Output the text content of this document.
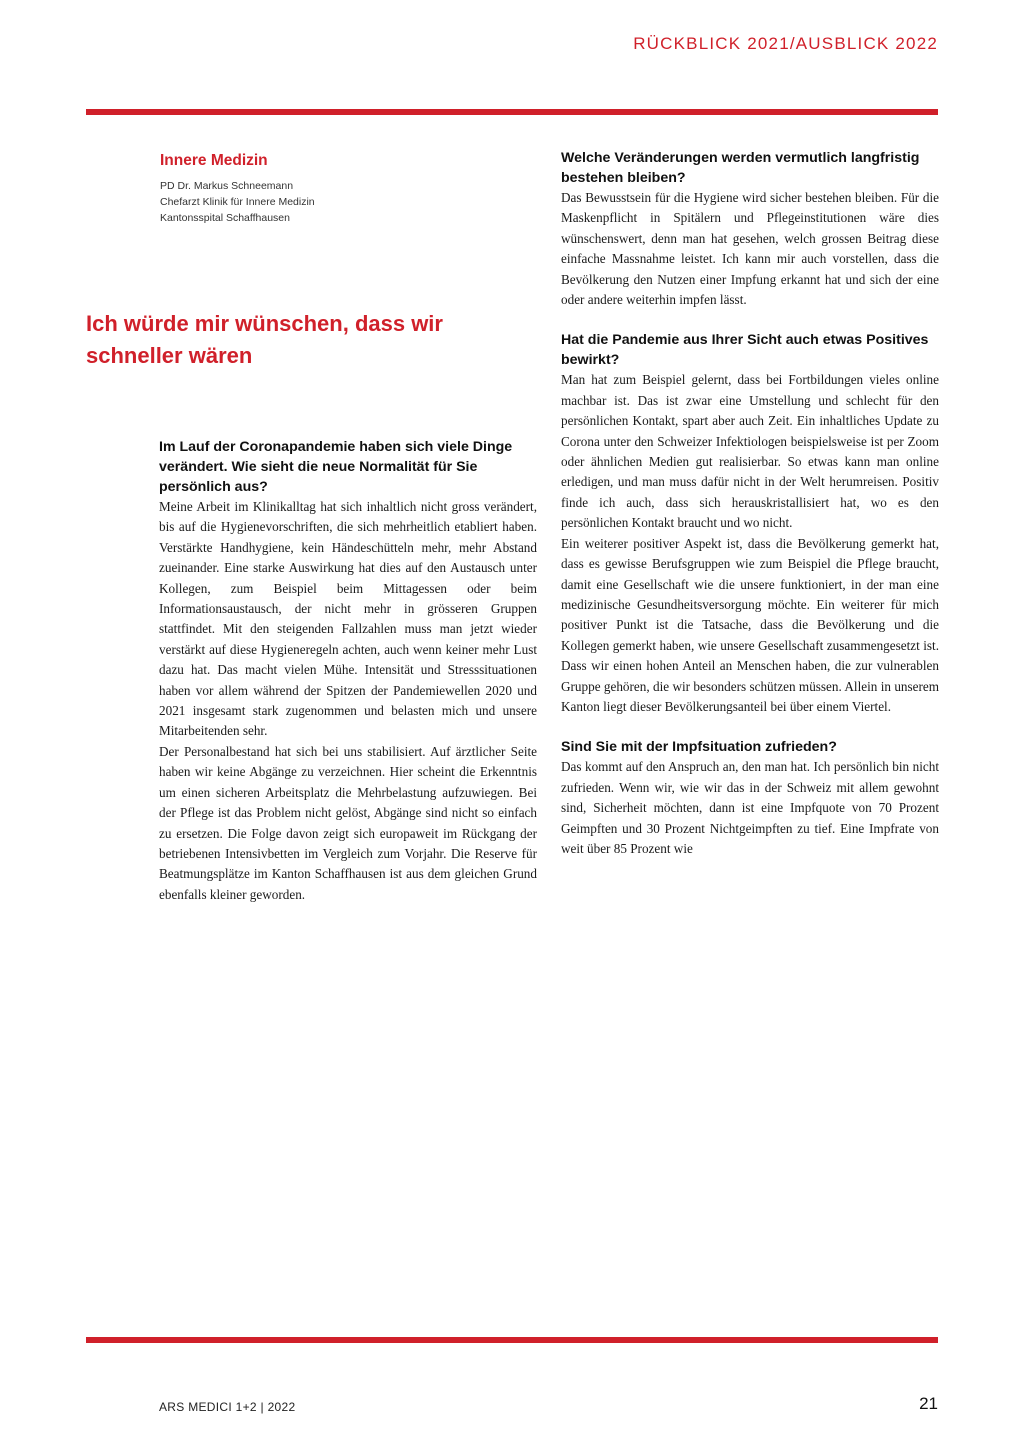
RÜCKBLICK 2021/AUSBLICK 2022
Innere Medizin
PD Dr. Markus Schneemann
Chefarzt Klinik für Innere Medizin
Kantonsspital Schaffhausen
Ich würde mir wünschen, dass wir
schneller wären
Im Lauf der Coronapandemie haben sich viele Dinge verändert. Wie sieht die neue Normalität für Sie persönlich aus?

Meine Arbeit im Klinikalltag hat sich inhaltlich nicht gross verändert, bis auf die Hygienevorschriften, die sich mehrheitlich etabliert haben. Verstärkte Handhygiene, kein Händeschütteln mehr, mehr Abstand zueinander. Eine starke Auswirkung hat dies auf den Austausch unter Kollegen, zum Beispiel beim Mittagessen oder beim Informationsaustausch, der nicht mehr in grösseren Gruppen stattfindet. Mit den steigenden Fallzahlen muss man jetzt wieder verstärkt auf diese Hygieneregeln achten, auch wenn keiner mehr Lust dazu hat. Das macht vielen Mühe. Intensität und Stresssituationen haben vor allem während der Spitzen der Pandemiewellen 2020 und 2021 insgesamt stark zugenommen und belasten mich und unsere Mitarbeitenden sehr.

Der Personalbestand hat sich bei uns stabilisiert. Auf ärztlicher Seite haben wir keine Abgänge zu verzeichnen. Hier scheint die Erkenntnis um einen sicheren Arbeitsplatz die Mehrbelastung aufzuwiegen. Bei der Pflege ist das Problem nicht gelöst, Abgänge sind nicht so einfach zu ersetzen. Die Folge davon zeigt sich europaweit im Rückgang der betriebenen Intensivbetten im Vergleich zum Vorjahr. Die Reserve für Beatmungsplätze im Kanton Schaffhausen ist aus dem gleichen Grund ebenfalls kleiner geworden.

Welche Veränderungen werden vermutlich langfristig bestehen bleiben?

Das Bewusstsein für die Hygiene wird sicher bestehen bleiben. Für die Maskenpflicht in Spitälern und Pflegeinstitutionen wäre dies wünschenswert, denn man hat gesehen, welch grossen Beitrag diese einfache Massnahme leistet. Ich kann mir auch vorstellen, dass die Bevölkerung den Nutzen einer Impfung erkannt hat und sich der eine oder andere weiterhin impfen lässt.

Hat die Pandemie aus Ihrer Sicht auch etwas Positives bewirkt?

Man hat zum Beispiel gelernt, dass bei Fortbildungen vieles online machbar ist. Das ist zwar eine Umstellung und schlecht für den persönlichen Kontakt, spart aber auch Zeit. Ein inhaltliches Update zu Corona unter den Schweizer Infektiologen beispielsweise ist per Zoom oder ähnlichen Medien gut realisierbar. So etwas kann man online erledigen, und man muss dafür nicht in der Welt herumreisen. Positiv finde ich auch, dass sich herauskristallisiert hat, wo es den persönlichen Kontakt braucht und wo nicht.

Ein weiterer positiver Aspekt ist, dass die Bevölkerung gemerkt hat, dass es gewisse Berufsgruppen wie zum Beispiel die Pflege braucht, damit eine Gesellschaft wie die unsere funktioniert, in der man eine medizinische Gesundheitsversorgung möchte. Ein weiterer für mich positiver Punkt ist die Tatsache, dass die Bevölkerung und die Kollegen gemerkt haben, wie unsere Gesellschaft zusammengesetzt ist. Dass wir einen hohen Anteil an Menschen haben, die zur vulnerablen Gruppe gehören, die wir besonders schützen müssen. Allein in unserem Kanton liegt dieser Bevölkerungsanteil bei über einem Viertel.

Sind Sie mit der Impfsituation zufrieden?

Das kommt auf den Anspruch an, den man hat. Ich persönlich bin nicht zufrieden. Wenn wir, wie wir das in der Schweiz mit allem gewohnt sind, Sicherheit möchten, dann ist eine Impfquote von 70 Prozent Geimpften und 30 Prozent Nichtgeimpften zu tief. Eine Impfrate von weit über 85 Prozent wie

ARS MEDICI 1+2 | 2022	21
